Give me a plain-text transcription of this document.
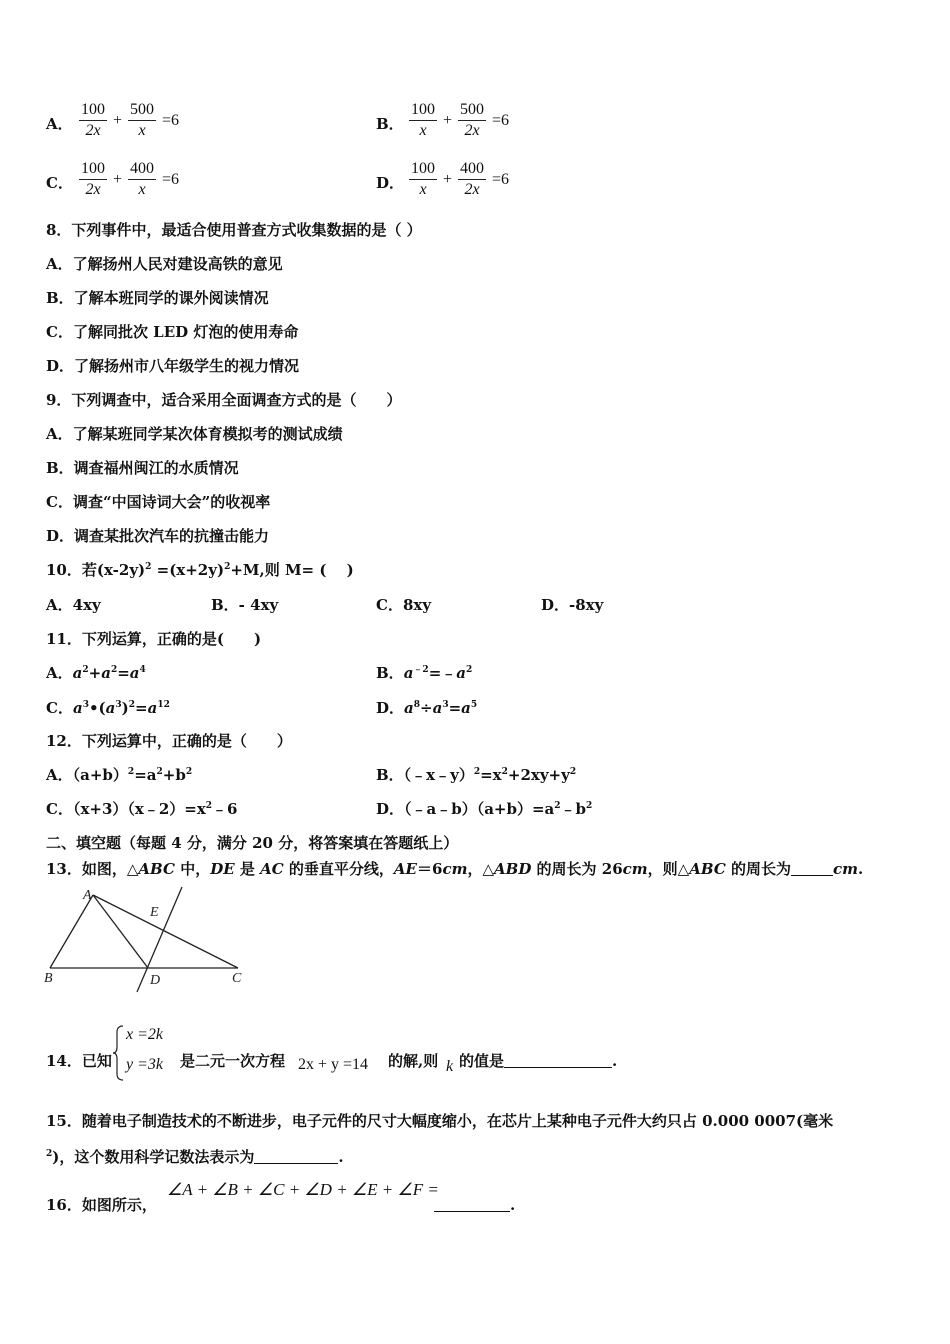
A． $\frac{100}{2x} + \frac{500}{x} =6$	B． $\frac{100}{x} + \frac{500}{2x} =6$
C． $\frac{100}{2x} + \frac{400}{x} =6$	D． $\frac{100}{x} + \frac{400}{2x} =6$
8．下列事件中，最适合使用普查方式收集数据的是（ ）
A．了解扬州人民对建设高铁的意见
B．了解本班同学的课外阅读情况
C．了解同批次 LED 灯泡的使用寿命
D．了解扬州市八年级学生的视力情况
9．下列调查中，适合采用全面调查方式的是（　　）
A．了解某班同学某次体育模拟考的测试成绩
B．调查福州闽江的水质情况
C．调查“中国诗词大会”的收视率
D．调查某批次汽车的抗撞击能力
10．若$(x-2y)^2 =(x+2y)^2+M$,则 M= (　 )
A．4xy	B．- 4xy	C．8xy	D．-8xy
11．下列运算，正确的是(　　)
A．$a^2+a^2=a^4$	B．$a^{﹣2}=﹣a^2$
C．$a^3•(a^3)^2=a^{12}$	D．$a^8\div a^3=a^5$
12．下列运算中，正确的是（　　）
A．$(a+b)^2=a^2+b^2$	B．$(﹣x﹣y)^2=x^2+2xy+y^2$
C．$(x+3)(x﹣2)=x^2﹣6$	D．$(﹣a﹣b)(a+b)=a^2﹣b^2$
二、填空题（每题 4 分，满分 20 分，将答案填在答题纸上）
13．如图，△ABC 中，DE 是 AC 的垂直平分线，AE＝6cm，△ABD 的周长为 26cm，则△ABC 的周长为	cm.
A
B	C
D
E
14．已知
x =2k
y =3k 是二元一次方程 2x + y =14 的解,则 k 的值是	.
15．随着电子制造技术的不断进步，电子元件的尺寸大幅度缩小，在芯片上某种电子元件大约只占 0.000 0007(毫米
$^2$)，这个数用科学记数法表示为	.
16．如图所示，
∠A + ∠B + ∠C + ∠D + ∠E + ∠F =
.
